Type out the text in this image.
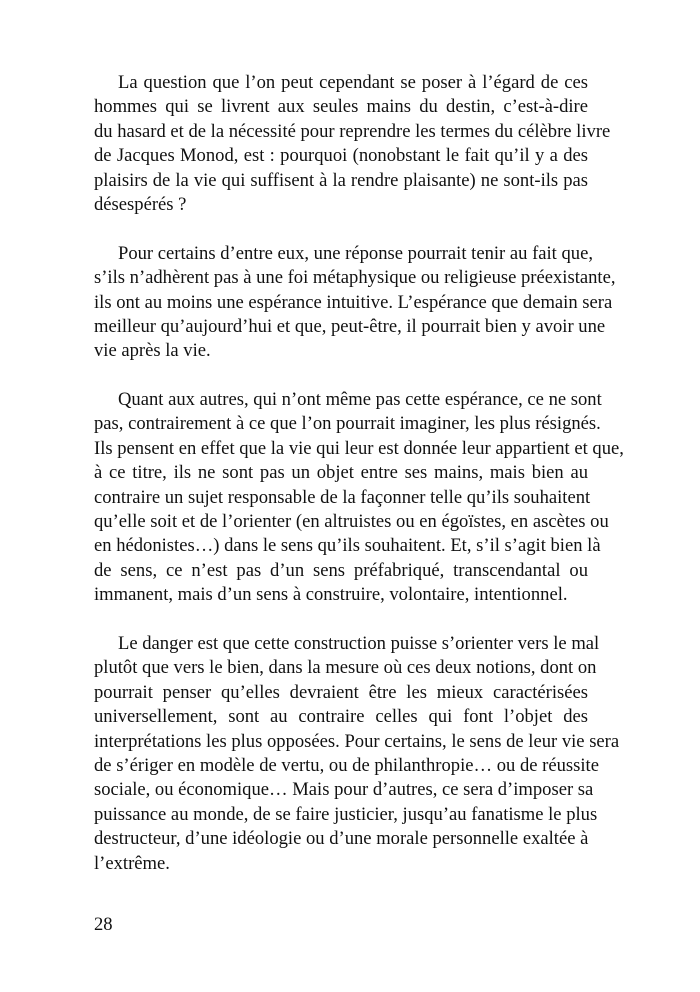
La question que l’on peut cependant se poser à l’égard de ces
hommes qui se livrent aux seules mains du destin, c’est-à-dire
du hasard et de la nécessité pour reprendre les termes du célèbre livre
de Jacques Monod, est : pourquoi (nonobstant le fait qu’il y a des
plaisirs de la vie qui suffisent à la rendre plaisante) ne sont-ils pas
désespérés ?
Pour certains d’entre eux, une réponse pourrait tenir au fait que,
s’ils n’adhèrent pas à une foi métaphysique ou religieuse préexistante,
ils ont au moins une espérance intuitive. L’espérance que demain sera
meilleur qu’aujourd’hui et que, peut-être, il pourrait bien y avoir une
vie après la vie.
Quant aux autres, qui n’ont même pas cette espérance, ce ne sont
pas, contrairement à ce que l’on pourrait imaginer, les plus résignés.
Ils pensent en effet que la vie qui leur est donnée leur appartient et que,
à ce titre, ils ne sont pas un objet entre ses mains, mais bien au
contraire un sujet responsable de la façonner telle qu’ils souhaitent
qu’elle soit et de l’orienter (en altruistes ou en égoïstes, en ascètes ou
en hédonistes…) dans le sens qu’ils souhaitent. Et, s’il s’agit bien là
de sens, ce n’est pas d’un sens préfabriqué, transcendantal ou
immanent, mais d’un sens à construire, volontaire, intentionnel.
Le danger est que cette construction puisse s’orienter vers le mal
plutôt que vers le bien, dans la mesure où ces deux notions, dont on
pourrait penser qu’elles devraient être les mieux caractérisées
universellement, sont au contraire celles qui font l’objet des
interprétations les plus opposées. Pour certains, le sens de leur vie sera
de s’ériger en modèle de vertu, ou de philanthropie… ou de réussite
sociale, ou économique… Mais pour d’autres, ce sera d’imposer sa
puissance au monde, de se faire justicier, jusqu’au fanatisme le plus
destructeur, d’une idéologie ou d’une morale personnelle exaltée à
l’extrême.
28
